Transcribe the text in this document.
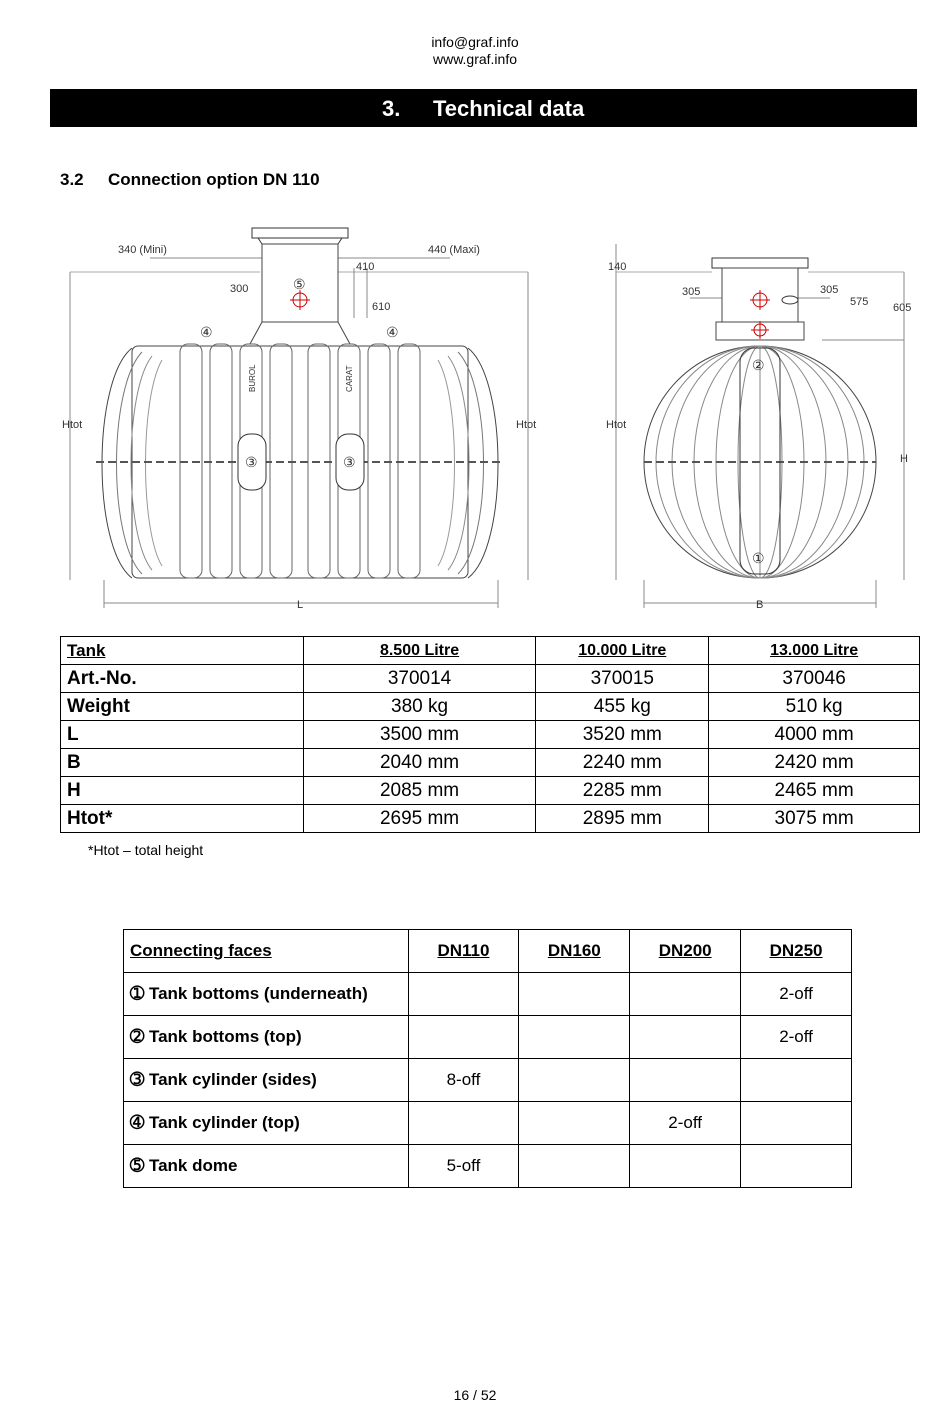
info@graf.info
www.graf.info
3. Technical data
3.2 Connection option DN 110
340 (Mini)	440 (Maxi)
300
410
610
Htot	Htot
L
⑤
④	④
③	③
BUROL	CARAT
140
305	305
575 605
Htot
H
B
②
①
Tank	8.500 Litre	10.000 Litre	13.000 Litre
Art.-No.	370014	370015	370046
Weight	380 kg	455 kg	510 kg
L	3500 mm	3520 mm	4000 mm
B	2040 mm	2240 mm	2420 mm
H	2085 mm	2285 mm	2465 mm
Htot*	2695 mm	2895 mm	3075 mm
*Htot – total height
Connecting faces	DN110	DN160	DN200	DN250
➀ Tank bottoms (underneath)				2-off
➁ Tank bottoms (top)				2-off
➂ Tank cylinder (sides)	8-off			
➃ Tank cylinder (top)			2-off	
➄ Tank dome	5-off			
16 / 52
